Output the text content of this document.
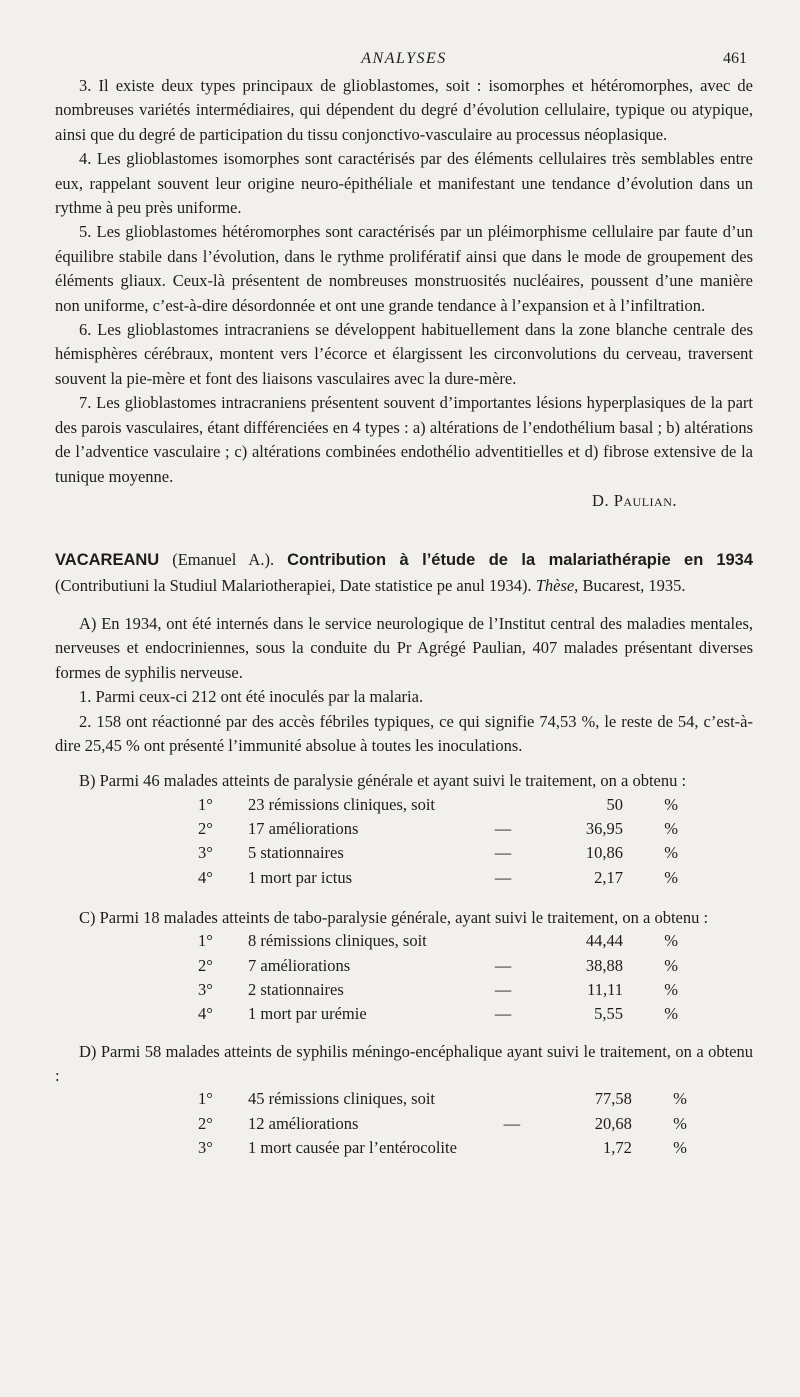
ANALYSES	461

3. Il existe deux types principaux de glioblastomes, soit : isomorphes et hétéromorphes, avec de nombreuses variétés intermédiaires, qui dépendent du degré d’évolution cellulaire, typique ou atypique, ainsi que du degré de participation du tissu conjonctivo-vasculaire au processus néoplasique.

4. Les glioblastomes isomorphes sont caractérisés par des éléments cellulaires très semblables entre eux, rappelant souvent leur origine neuro-épithéliale et manifestant une tendance d’évolution dans un rythme à peu près uniforme.

5. Les glioblastomes hétéromorphes sont caractérisés par un pléimorphisme cellulaire par faute d’un équilibre stabile dans l’évolution, dans le rythme prolifératif ainsi que dans le mode de groupement des éléments gliaux. Ceux-là présentent de nombreuses monstruosités nucléaires, poussent d’une manière non uniforme, c’est-à-dire désordonnée et ont une grande tendance à l’expansion et à l’infiltration.

6. Les glioblastomes intracraniens se développent habituellement dans la zone blanche centrale des hémisphères cérébraux, montent vers l’écorce et élargissent les circonvolutions du cerveau, traversent souvent la pie-mère et font des liaisons vasculaires avec la dure-mère.

7. Les glioblastomes intracraniens présentent souvent d’importantes lésions hyperplasiques de la part des parois vasculaires, étant différenciées en 4 types : a) altérations de l’endothélium basal ; b) altérations de l’adventice vasculaire ; c) altérations combinées endothélio adventitielles et d) fibrose extensive de la tunique moyenne.

D. Paulian.

VACAREANU (Emanuel A.). Contribution à l’étude de la malariathérapie en 1934 (Contributiuni la Studiul Malariotherapiei, Date statistice pe anul 1934). Thèse, Bucarest, 1935.

A) En 1934, ont été internés dans le service neurologique de l’Institut central des maladies mentales, nerveuses et endocriniennes, sous la conduite du Pr Agrégé Paulian, 407 malades présentant diverses formes de syphilis nerveuse.

1. Parmi ceux-ci 212 ont été inoculés par la malaria.

2. 158 ont réactionné par des accès fébriles typiques, ce qui signifie 74,53 %, le reste de 54, c’est-à-dire 25,45 % ont présenté l’immunité absolue à toutes les inoculations.

B) Parmi 46 malades atteints de paralysie générale et ayant suivi le traitement, on a obtenu :

1°	23 rémissions cliniques, soit		50	%
2°	17 améliorations	—	36,95	%
3°	5 stationnaires	—	10,86	%
4°	1 mort par ictus	—	2,17	%

C) Parmi 18 malades atteints de tabo-paralysie générale, ayant suivi le traitement, on a obtenu :

1°	8 rémissions cliniques, soit		44,44	%
2°	7 améliorations	—	38,88	%
3°	2 stationnaires	—	11,11	%
4°	1 mort par urémie	—	5,55	%

D) Parmi 58 malades atteints de syphilis méningo-encéphalique ayant suivi le traitement, on a obtenu :

1°	45 rémissions cliniques, soit		77,58	%
2°	12 améliorations	—	20,68	%
3°	1 mort causée par l’entérocolite		1,72	%
